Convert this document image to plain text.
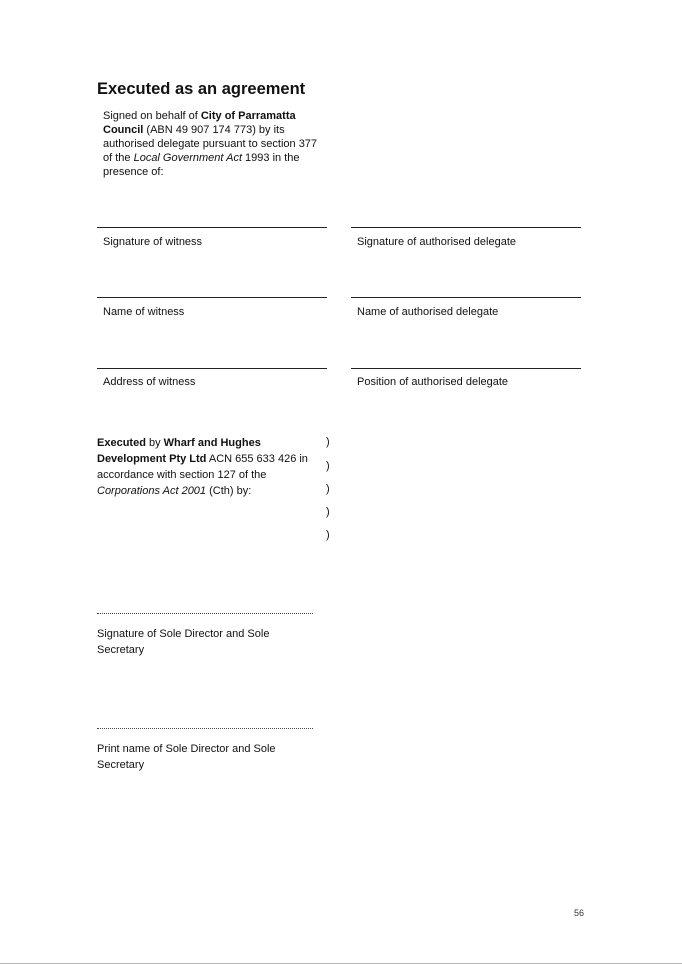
Executed as an agreement
Signed on behalf of City of Parramatta Council (ABN 49 907 174 773) by its authorised delegate pursuant to section 377 of the Local Government Act 1993 in the presence of:
Signature of witness	Signature of authorised delegate
Name of witness	Name of authorised delegate
Address of witness	Position of authorised delegate
Executed by Wharf and Hughes Development Pty Ltd ACN 655 633 426 in accordance with section 127 of the Corporations Act 2001 (Cth) by:
)
)
)
)
)
Signature of Sole Director and Sole Secretary
Print name of Sole Director and Sole Secretary
56
